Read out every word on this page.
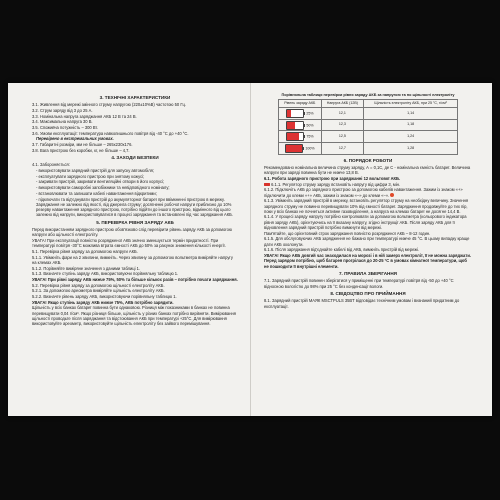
3. ТЕХНІЧНІ ХАРАКТЕРИСТИКИ
3.1. Живлення від мережі змінного струму напругою (220±10%В) частотою 50 Гц.
3.2. Струм заряду від 3 до 25 А.
3.3. Номінальна напруга заряджання АКБ 12 В та 24 В.
3.4. Максимальна напруга 30 В.
3.5. Споживча потужність – 300 Вт.
3.6. Умови експлуатації: температура навколишнього повітря від -40 °С до +40 °С.
Перевірено в екстремальних умовах.
3.7. Габаритні розміри, мм не більше – 265х230х176.
3.8. Вага пристрою без коробки, кг, не більше – 4,7.
4. ЗАХОДИ БЕЗПЕКИ
4.1. Забороняється:
- використовувати зарядний пристрій для запуску автомобіля;
- експлуатувати зарядного пристрою при знятому кожусі;
- закривати пристрій, закривати вентиляційні отвори в його корпусі;
- використовувати саморобні запобіжники та невідповідного номіналу;
- встановлювати та залишати кабелі навантаження відкритими;
- підключати та від'єднувати пристрій до акумуляторної батареї при ввімкненні пристрою в мережу. Заряджання не залежно від якості, від джерела струму; досягненні робочої напруги приблизно до 10% резерву навантаження зарядного пристрою, потрібно підійти до іншого пристрою, відмінного від цього залежно від напруги, використовуватися в процесі заряджання та встановлені під час заряджання АКБ.
5. ПЕРЕВІРКА РІВНЯ ЗАРЯДУ АКБ
Перед використанням зарядного пристрою обов'язково слід перевірити рівень заряду АКБ за допомогою напруги або щільності електроліту.
УВАГА! При експлуатації повністю розрядженої АКБ значно зменшується термін придатності. При температурі повітря -30°С можлива втрата ємності АКБ до 50% за рахунок зниження кількості енергії.
5.1. Перевірка рівня заряду за допомогою напруги АКБ.
5.1.1. Увімкніть фари на 2 хвилини, вимкніть. Через хвилину за допомогою вольтметра виміряйте напругу на клемах АКБ.
5.1.2. Порівняйте виміряне значення з даними таблиці 1.
5.1.3. Визначте ступінь заряду АКБ, використовуючи порівняльну таблицю 1.
УВАГА! При рівні заряду АКБ нижче 75%, 50% та більше кількох разів – потрібно почати заряджання.
5.2. Перевірка рівня заряду за допомогою щільності електроліту АКБ.
5.2.1. За допомогою ареометра виміряйте щільність електроліту АКБ.
5.2.2. Визначте рівень заряду АКБ, використовуючи порівняльну таблицю 1.
УВАГА! Якщо ступінь заряду АКБ нижче 75%, АКБ потрібно зарядити.
Щільність у всіх банках батареї повинна бути однаковою. Різниця між показниками в банках не повинна перевищувати 0,04 г/см³. Якщо різниця більше, щільність у різних банках потрібно вирівняти. Вимірювання щільності проводьте після заряджання та відстоювання АКБ при температурі +25°С. Для вимірювання використовуйте ареометр, використовуйте щільність електроліту без зайвого перемішування.
Порівняльна таблиця перевірки рівня заряду АКБ за напругою та по щільності електроліту
Рівень заряду АКБ	Напруга АКБ (12В)	Щільність електроліту АКБ, при 25 °С, г/см³

25%	12,1	1,14

50%	12,3	1,18

75%	12,5	1,24

100%	12,7	1,28
6. ПОРЯДОК РОБОТИ
Рекомендовано номінальна величина струму заряду, А = 0,1С, де С - номінальна ємність батареї. Величина напруги при заряді повинна бути не нижче 13,8 В.
6.1. Робота зарядного пристрою при заряджанні 12 вольтової АКБ.
6.1.1. Регулятор струму заряду встановіть напругу від цифри 3, мін.
6.1.2. Підключіть АКБ до зарядного пристрою за допомогою кабелів навантаження. Зажим із знаком «+» підключити до клеми «+» АКБ, зажим із знаком «–» до клеми «–».
6.1.3. Увімкніть зарядний пристрій в мережу, встановіть регулятор струму на необхідну величину. Значення зарядного струму не повинно перевищувати 10% від ємності батареї. Зарядження продовжуйте до тих пір, поки у всіх банках не почнеться активне газовиділення, а напруга на клемах батареї не досягне 14,4 В.
6.1.4. У процесі заряду напругу потрібно контролювати за допомогою вольтметра (кольорового індикатора рівня заряду АКБ), орієнтуючись на її вказану напругу, згідно інструкції АКБ. Після заряду АКБ для її відновлення зарядний пристрій потрібно вимкнути від мережі.
Пам'ятайте, що орієнтовний строк заряджання повністю розрядженої АКБ – 8-12 годин.
6.1.5. Для обслуговуючих АКБ зарядження не бажано при температурі нижче 45 °С. В цьому випадку краще дати АКБ охолонути.
6.1.6. Після заряджання від'єднайте кабелі від АКБ, вимкніть пристрій від мережі.
УВАГА! Якщо АКБ довгий час знаходилася на морозі і в ній замерз електроліт, її не можна заряджати. Перед зарядом потрібно, щоб батарея прогрілася до 20-25 °С в умовах кімнатної температури, щоб не пошкодити її внутрішні елементи.
7. ПРАВИЛА ЗБЕРІГАННЯ
7.1. Зарядний пристрій повинен зберігатися у приміщенні при температурі повітря від -50 до +40 °С відносною вологістю до 98% при 25 °С без конденсації вологи.
8. СВІДОЦТВО ПРО ПРИЙМАННЯ
8.1. Зарядний пристрій МАЯК MSCTPULS 35BT відповідає технічним умовам і визнаний придатним до експлуатації.
